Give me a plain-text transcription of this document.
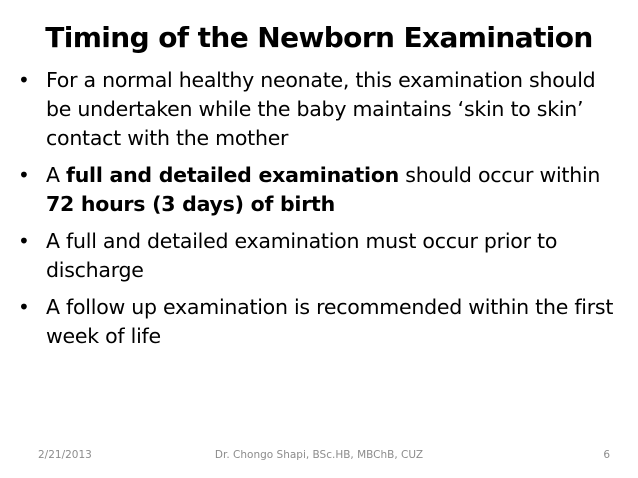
Timing of the Newborn Examination
• For a normal healthy neonate, this examination should be undertaken while the baby maintains ‘skin to skin’ contact with the mother
• A full and detailed examination should occur within 72 hours (3 days) of birth
• A full and detailed examination must occur prior to discharge
• A follow up examination is recommended within the first week of life
2/21/2013	Dr. Chongo Shapi, BSc.HB, MBChB, CUZ	6
